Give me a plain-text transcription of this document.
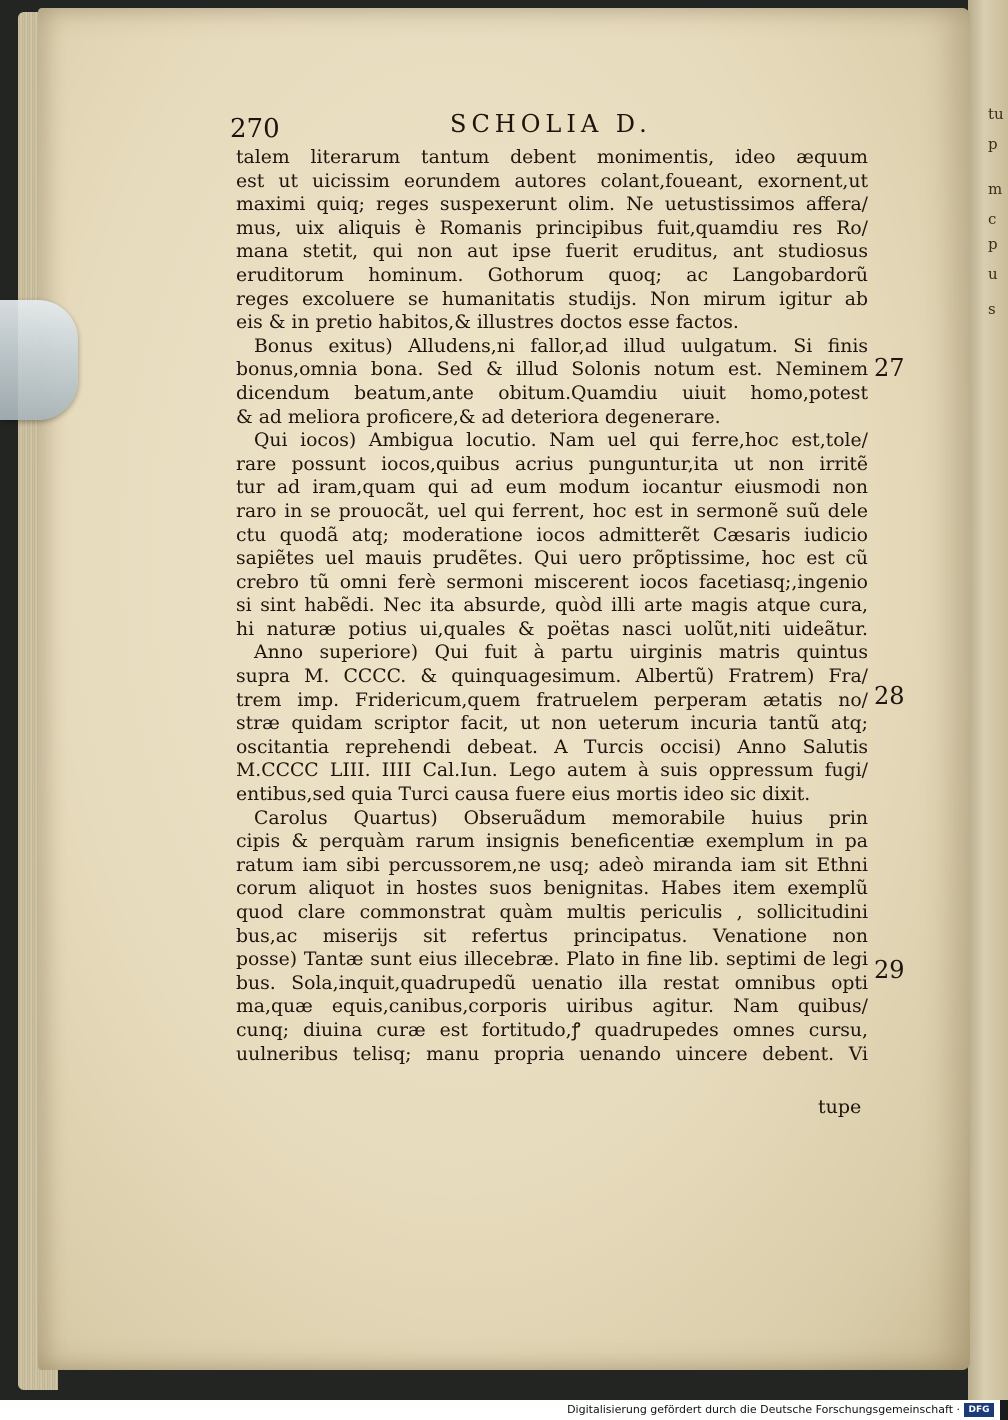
tu
p
m
c
p
u
s
270	SCHOLIA D.
talem literarum tantum debent monimentis, ideo æquum
est ut uicissim eorundem autores colant,foueant, exornent,ut
maximi quiq; reges suspexerunt olim. Ne uetustissimos affera/
mus, uix aliquis è Romanis principibus fuit,quamdiu res Ro/
mana stetit, qui non aut ipse fuerit eruditus, ant studiosus
eruditorum hominum. Gothorum quoq; ac Langobardorũ
reges excoluere se humanitatis studijs. Non mirum igitur ab
eis & in pretio habitos,& illustres doctos esse factos.
Bonus exitus) Alludens,ni fallor,ad illud uulgatum. Si finis
bonus,omnia bona. Sed & illud Solonis notum est. Neminem
dicendum beatum,ante obitum.Quamdiu uiuit homo,potest
& ad meliora proficere,& ad deteriora degenerare.
Qui iocos) Ambigua locutio. Nam uel qui ferre,hoc est,tole/
rare possunt iocos,quibus acrius punguntur,ita ut non irritẽ
tur ad iram,quam qui ad eum modum iocantur eiusmodi non
raro in se prouocãt, uel qui ferrent, hoc est in sermonẽ suũ dele
ctu quodã atq; moderatione iocos admitterẽt Cæsaris iudicio
sapiẽtes uel mauis prudẽtes. Qui uero prõptissime, hoc est cũ
crebro tũ omni ferè sermoni miscerent iocos facetiasq;,ingenio
si sint habẽdi. Nec ita absurde, quòd illi arte magis atque cura,
hi naturæ potius ui,quales & poëtas nasci uolũt,niti uideãtur.
Anno superiore) Qui fuit à partu uirginis matris quintus
supra M. CCCC. & quinquagesimum. Albertũ) Fratrem) Fra/
trem imp. Fridericum,quem fratruelem perperam ætatis no/
stræ quidam scriptor facit, ut non ueterum incuria tantũ atq;
oscitantia reprehendi debeat. A Turcis occisi) Anno Salutis
M.CCCC LIII. IIII Cal.Iun. Lego autem à suis oppressum fugi/
entibus,sed quia Turci causa fuere eius mortis ideo sic dixit.
Carolus Quartus) Obseruãdum memorabile huius prin
cipis & perquàm rarum insignis beneficentiæ exemplum in pa
ratum iam sibi percussorem,ne usq; adeò miranda iam sit Ethni
corum aliquot in hostes suos benignitas. Habes item exemplũ
quod clare commonstrat quàm multis periculis , sollicitudini
bus,ac miserijs sit refertus principatus. Venatione non
posse) Tantæ sunt eius illecebræ. Plato in fine lib. septimi de legi
bus. Sola,inquit,quadrupedũ uenatio illa restat omnibus opti
ma,quæ equis,canibus,corporis uiribus agitur. Nam quibus/
cunq; diuina curæ est fortitudo,ꝭ quadrupedes omnes cursu,
uulneribus telisq; manu propria uenando uincere debent. Vi
27
28
29
tupe
Digitalisierung gefördert durch die Deutsche Forschungsgemeinschaft · DFG
